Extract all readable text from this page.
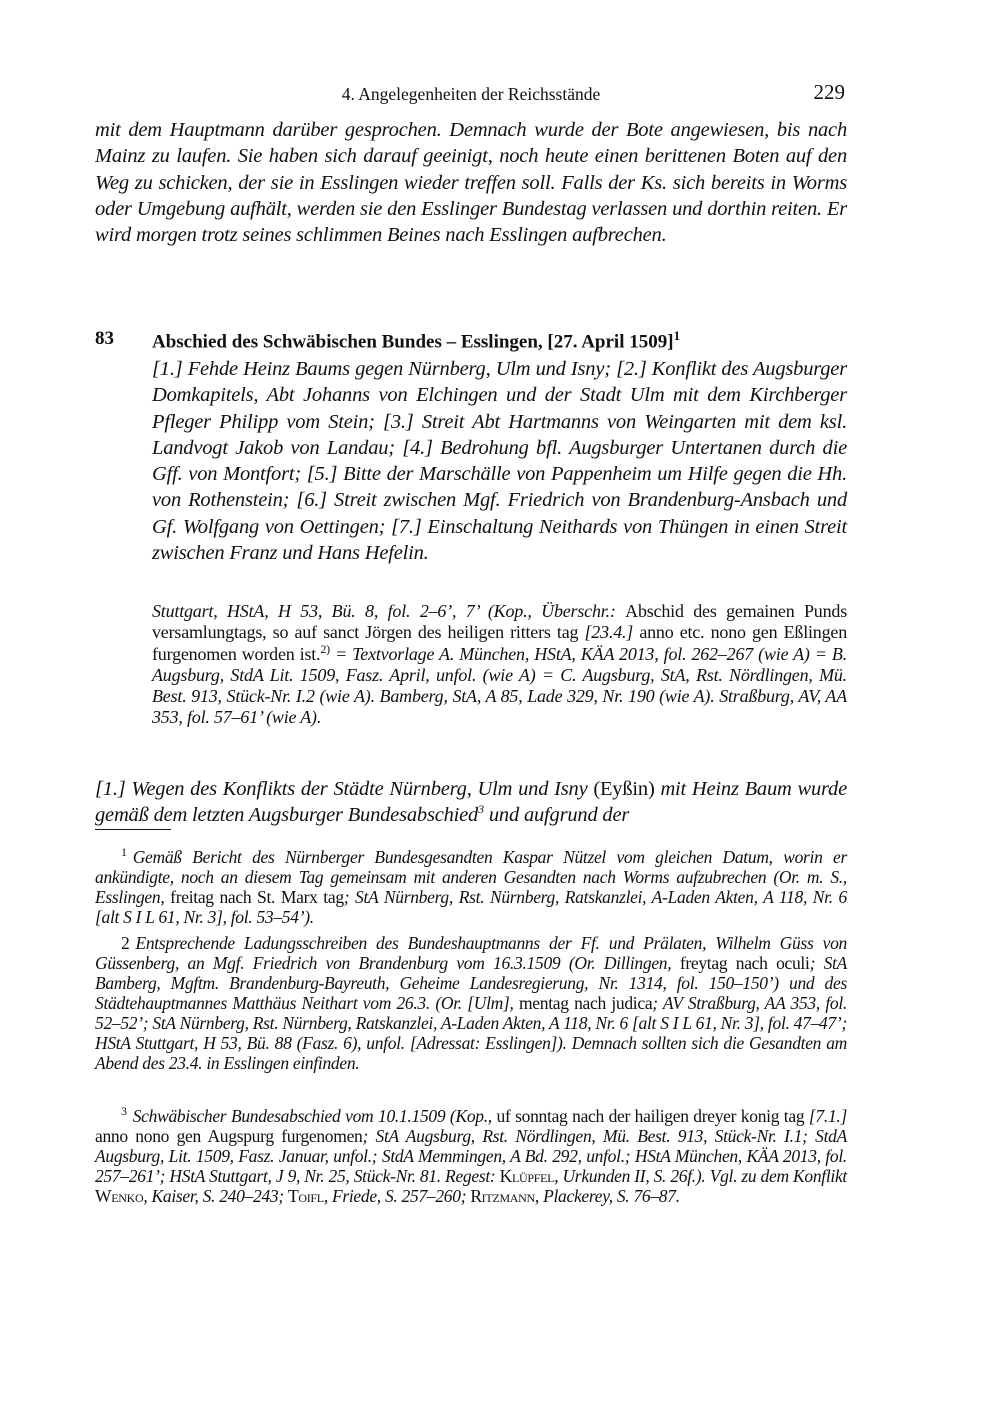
4. Angelegenheiten der Reichsstände	229
mit dem Hauptmann darüber gesprochen. Demnach wurde der Bote angewiesen, bis nach Mainz zu laufen. Sie haben sich darauf geeinigt, noch heute einen berittenen Boten auf den Weg zu schicken, der sie in Esslingen wieder treffen soll. Falls der Ks. sich bereits in Worms oder Umgebung aufhält, werden sie den Esslinger Bundestag verlassen und dorthin reiten. Er wird morgen trotz seines schlimmen Beines nach Esslingen aufbrechen.
83 Abschied des Schwäbischen Bundes – Esslingen, [27. April 1509]$^1$
[1.] Fehde Heinz Baums gegen Nürnberg, Ulm und Isny; [2.] Konflikt des Augsburger Domkapitels, Abt Johanns von Elchingen und der Stadt Ulm mit dem Kirchberger Pfleger Philipp vom Stein; [3.] Streit Abt Hartmanns von Weingarten mit dem ksl. Landvogt Jakob von Landau; [4.] Bedrohung bfl. Augsburger Untertanen durch die Gff. von Montfort; [5.] Bitte der Marschälle von Pappenheim um Hilfe gegen die Hh. von Rothenstein; [6.] Streit zwischen Mgf. Friedrich von Brandenburg-Ansbach und Gf. Wolfgang von Oettingen; [7.] Einschaltung Neithards von Thüngen in einen Streit zwischen Franz und Hans Hefelin.
Stuttgart, HStA, H 53, Bü. 8, fol. 2–6’, 7’ (Kop., Überschr.: Abschid des gemainen Punds versamlungtags, so auf sanct Jörgen des heiligen ritters tag [23.4.] anno etc. nono gen Eßlingen furgenomen worden ist.$^{2)}$ = Textvorlage A. München, HStA, KÄA 2013, fol. 262–267 (wie A) = B. Augsburg, StdA Lit. 1509, Fasz. April, unfol. (wie A) = C. Augsburg, StA, Rst. Nördlingen, Mü. Best. 913, Stück-Nr. I.2 (wie A). Bamberg, StA, A 85, Lade 329, Nr. 190 (wie A). Straßburg, AV, AA 353, fol. 57–61’ (wie A).
[1.] Wegen des Konflikts der Städte Nürnberg, Ulm und Isny (Eyßin) mit Heinz Baum wurde gemäß dem letzten Augsburger Bundesabschied$^3$ und aufgrund der
$^1$ Gemäß Bericht des Nürnberger Bundesgesandten Kaspar Nützel vom gleichen Datum, worin er ankündigte, noch an diesem Tag gemeinsam mit anderen Gesandten nach Worms aufzubrechen (Or. m. S., Esslingen, freitag nach St. Marx tag; StA Nürnberg, Rst. Nürnberg, Ratskanzlei, A-Laden Akten, A 118, Nr. 6 [alt S I L 61, Nr. 3], fol. 53–54’).
2 Entsprechende Ladungsschreiben des Bundeshauptmanns der Ff. und Prälaten, Wilhelm Güss von Güssenberg, an Mgf. Friedrich von Brandenburg vom 16.3.1509 (Or. Dillingen, freytag nach oculi; StA Bamberg, Mgftm. Brandenburg-Bayreuth, Geheime Landesregierung, Nr. 1314, fol. 150–150’) und des Städtehauptmannes Matthäus Neithart vom 26.3. (Or. [Ulm], mentag nach judica; AV Straßburg, AA 353, fol. 52–52’; StA Nürnberg, Rst. Nürnberg, Ratskanzlei, A-Laden Akten, A 118, Nr. 6 [alt S I L 61, Nr. 3], fol. 47–47’; HStA Stuttgart, H 53, Bü. 88 (Fasz. 6), unfol. [Adressat: Esslingen]). Demnach sollten sich die Gesandten am Abend des 23.4. in Esslingen einfinden.
$^3$ Schwäbischer Bundesabschied vom 10.1.1509 (Kop., uf sonntag nach der hailigen dreyer konig tag [7.1.] anno nono gen Augspurg furgenomen; StA Augsburg, Rst. Nördlingen, Mü. Best. 913, Stück-Nr. I.1; StdA Augsburg, Lit. 1509, Fasz. Januar, unfol.; StdA Memmingen, A Bd. 292, unfol.; HStA München, KÄA 2013, fol. 257–261’; HStA Stuttgart, J 9, Nr. 25, Stück-Nr. 81. Regest: Klüpfel, Urkunden II, S. 26f.). Vgl. zu dem Konflikt Wenko, Kaiser, S. 240–243; Toifl, Friede, S. 257–260; Ritzmann, Plackerey, S. 76–87.
